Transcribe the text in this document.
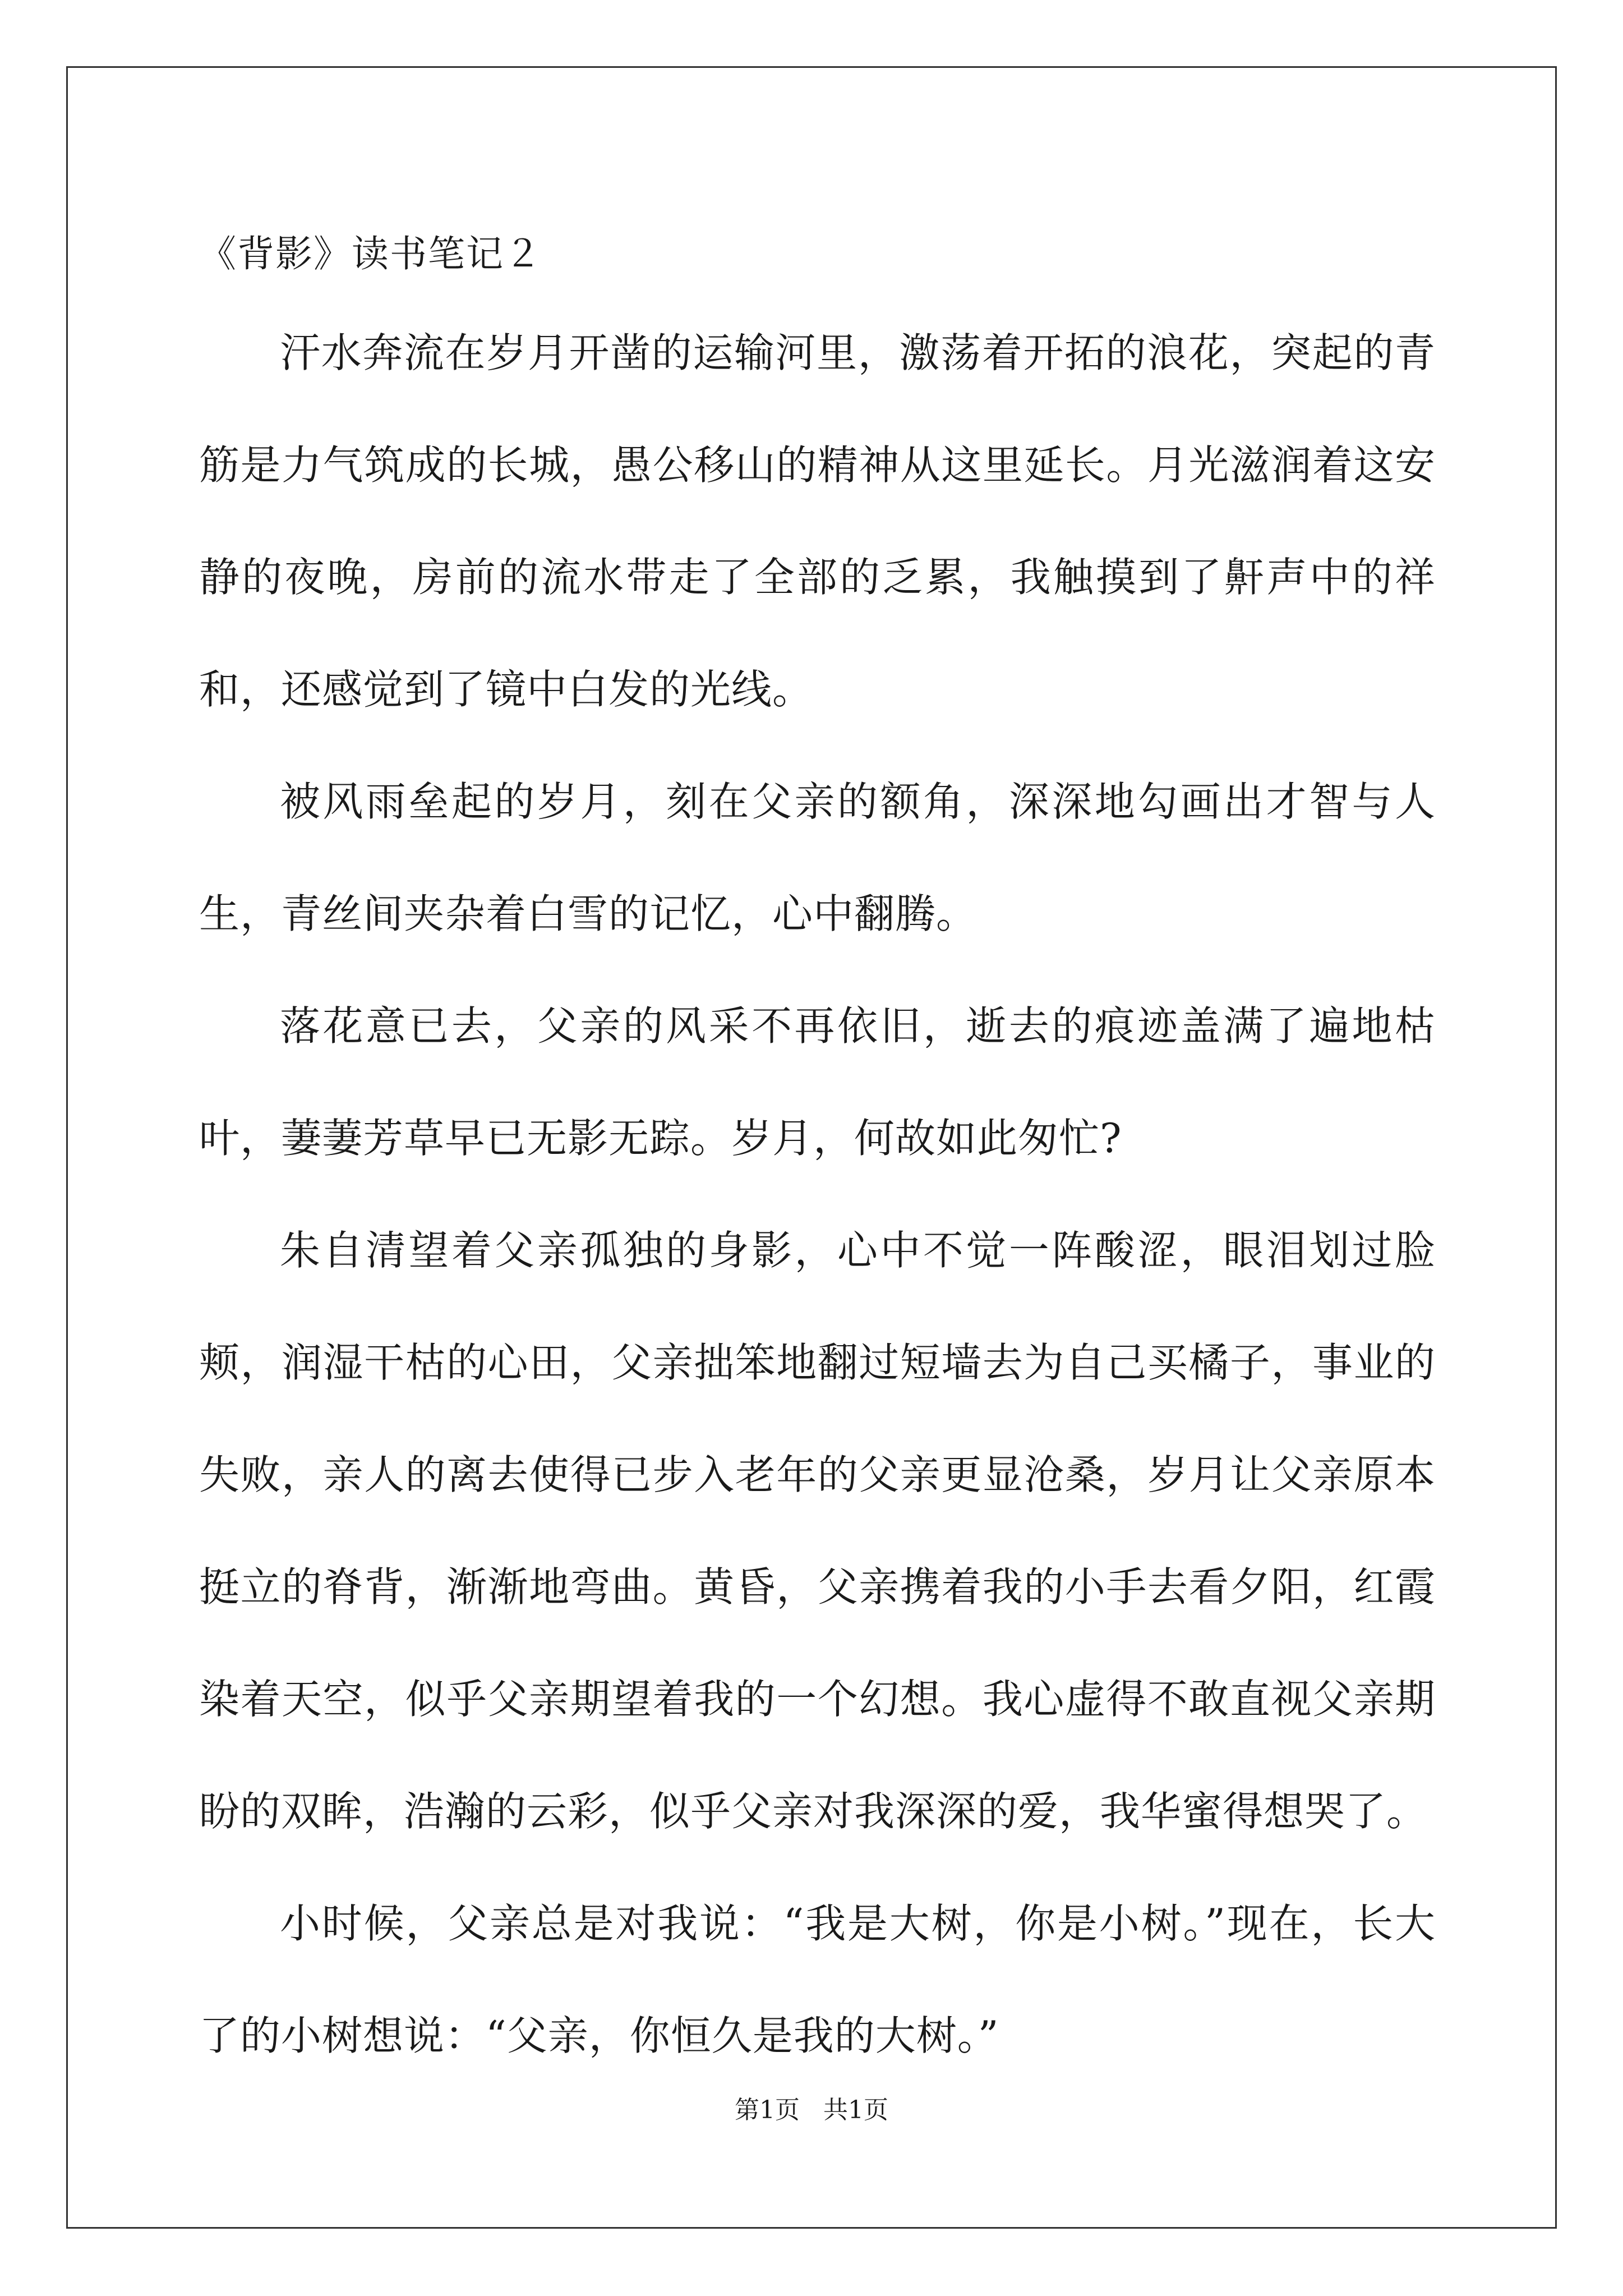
《背影》读书笔记２

汗水奔流在岁月开凿的运输河里，激荡着开拓的浪花，突起的青筋是力气筑成的长城，愚公移山的精神从这里延长。月光滋润着这安静的夜晚，房前的流水带走了全部的乏累，我触摸到了鼾声中的祥和，还感觉到了镜中白发的光线。

被风雨垒起的岁月，刻在父亲的额角，深深地勾画出才智与人生，青丝间夹杂着白雪的记忆，心中翻腾。

落花意已去，父亲的风采不再依旧，逝去的痕迹盖满了遍地枯叶，萋萋芳草早已无影无踪。岁月，何故如此匆忙?

朱自清望着父亲孤独的身影，心中不觉一阵酸涩，眼泪划过脸颊，润湿干枯的心田，父亲拙笨地翻过短墙去为自己买橘子，事业的失败，亲人的离去使得已步入老年的父亲更显沧桑，岁月让父亲原本挺立的脊背，渐渐地弯曲。黄昏，父亲携着我的小手去看夕阳，红霞染着天空，似乎父亲期望着我的一个幻想。我心虚得不敢直视父亲期盼的双眸，浩瀚的云彩，似乎父亲对我深深的爱，我华蜜得想哭了。

小时候，父亲总是对我说：“我是大树，你是小树。”现在，长大了的小树想说：“父亲，你恒久是我的大树。”

第1页 共1页
